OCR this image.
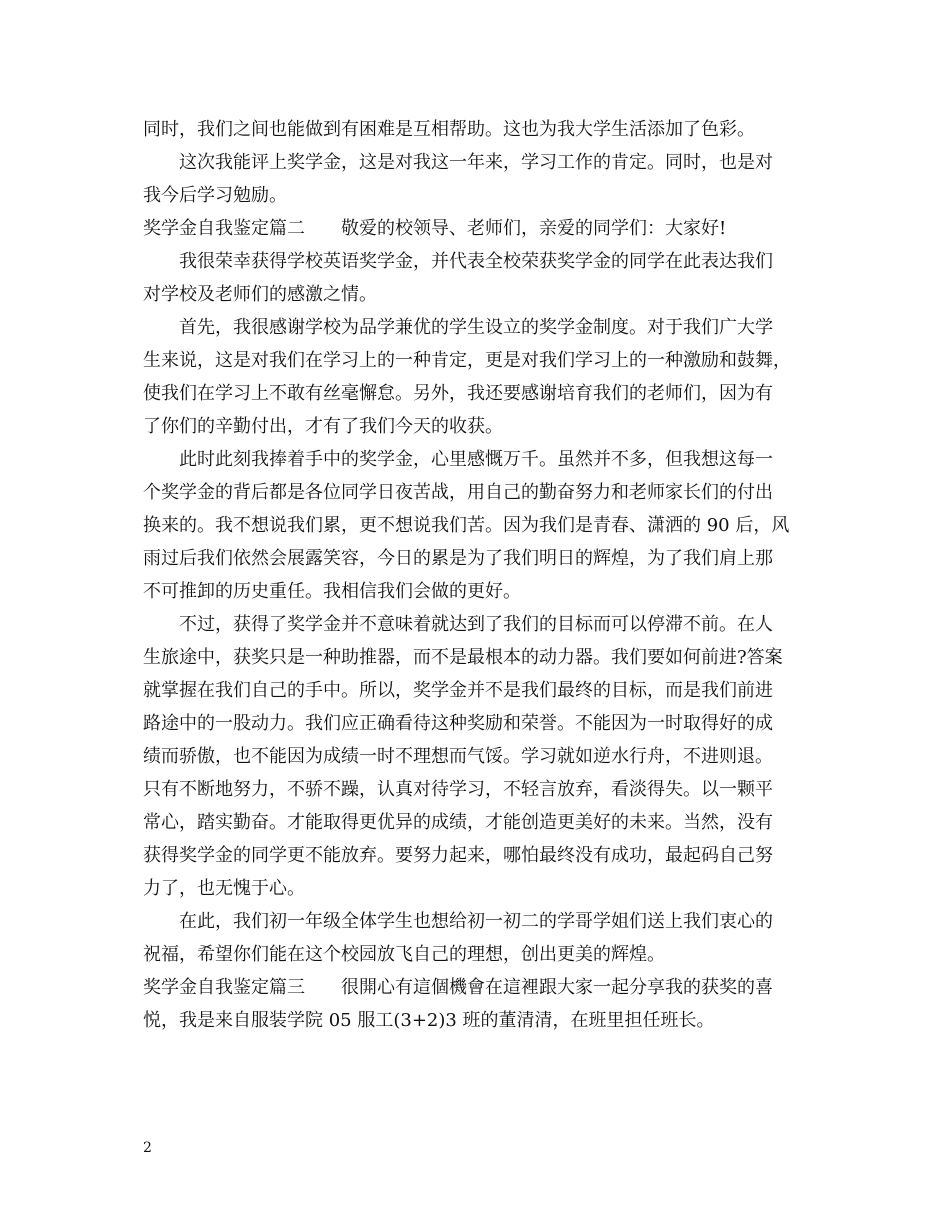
同时，我们之间也能做到有困难是互相帮助。这也为我大学生活添加了色彩。
这次我能评上奖学金，这是对我这一年来，学习工作的肯定。同时，也是对
我今后学习勉励。
奖学金自我鉴定篇二　　敬爱的校领导、老师们，亲爱的同学们：大家好!
我很荣幸获得学校英语奖学金，并代表全校荣获奖学金的同学在此表达我们
对学校及老师们的感激之情。
首先，我很感谢学校为品学兼优的学生设立的奖学金制度。对于我们广大学
生来说，这是对我们在学习上的一种肯定，更是对我们学习上的一种激励和鼓舞，
使我们在学习上不敢有丝毫懈怠。另外，我还要感谢培育我们的老师们，因为有
了你们的辛勤付出，才有了我们今天的收获。
此时此刻我捧着手中的奖学金，心里感慨万千。虽然并不多，但我想这每一
个奖学金的背后都是各位同学日夜苦战，用自己的勤奋努力和老师家长们的付出
换来的。我不想说我们累，更不想说我们苦。因为我们是青春、潇洒的 90 后，风
雨过后我们依然会展露笑容，今日的累是为了我们明日的辉煌，为了我们肩上那
不可推卸的历史重任。我相信我们会做的更好。
不过，获得了奖学金并不意味着就达到了我们的目标而可以停滞不前。在人
生旅途中，获奖只是一种助推器，而不是最根本的动力器。我们要如何前进?答案
就掌握在我们自己的手中。所以，奖学金并不是我们最终的目标，而是我们前进
路途中的一股动力。我们应正确看待这种奖励和荣誉。不能因为一时取得好的成
绩而骄傲，也不能因为成绩一时不理想而气馁。学习就如逆水行舟，不进则退。
只有不断地努力，不骄不躁，认真对待学习，不轻言放弃，看淡得失。以一颗平
常心，踏实勤奋。才能取得更优异的成绩，才能创造更美好的未来。当然，没有
获得奖学金的同学更不能放弃。要努力起来，哪怕最终没有成功，最起码自己努
力了，也无愧于心。
在此，我们初一年级全体学生也想给初一初二的学哥学姐们送上我们衷心的
祝福，希望你们能在这个校园放飞自己的理想，创出更美的辉煌。
奖学金自我鉴定篇三　　很開心有這個機會在這裡跟大家一起分享我的获奖的喜
悦，我是来自服装学院 05 服工(3+2)3 班的董清清，在班里担任班长。
2
